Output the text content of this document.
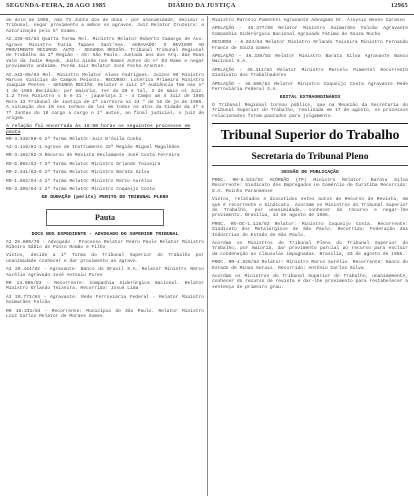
SEGUNDA-FEIRA, 28 AGO 1985	DIÁRIO DA JUSTIÇA	12965

do dolo de 1965, não TV Junta dos de duna - por unanimidade, decidir o Tribunal, negar provimento a ambos os agravos. Juiz Relator Cruzeiro: a Autorização pelo 5º Exame.

AC.339-02/83 Quarta Turma Rel. Ministro Relator Roberto Camargo de Aco. Agravo Ministro Fuzia Tapaes Sant'Ana. AGRAVADO: O REVISOR AO PROVIMENTO RECURSO. AUTO - SEGUNDA REGIÃO. Tribunal Tribunal Regional do Trabalho da 2ª Região - AS: São Paulo. Juntada aos dos Arq. das Ruas Vale da Judie Repub, Justo ainda nos Ramos Autos do nº 03 Ramo e negar provimento unânime. Porém Juiz Relator José Fecha Arantes.

AC.343-08/83 Rel. Ministro Relator Alves Fadrigues. Juizes RO Ministro Marcos Vinícius de Campos Peixoto. RECURSO: Lotérica Primeira Ministra Joaquim Pentes - SEGUNDA REGIÃO. Relator e Juiz 2ª Audiência Tem nas nº 1 de 1985 Decidido: por maioria, ter do 20 e tal, 3 de mais os Juiz. 1.2 Tres Ministro o 5 e 11 - jaqueloja 2 - 4 Campo um 4 Juiz de 1985 Mora 13 Tribunal de Justiça de 2ª carreira no 24 º de 16 de jo de 1985. A situação dos 10 nos termos da lei em todos os atos da Cidade da 3ª e 7ª Juntas do 10 cargo a cargo o 1º autos, ao final judicial, o juiz de origem.

A relação foi encerrada às 18:00 horas os seguintes processos em pauta

RR-4.338/80-5 2ª Turma Relator-Juiz D'Ávila Cunha

AI-4.116/81-1 Agravo de Instrumento 32ª Região Miguel Magalhães

RR-3.102/82-3 Recurso de Revista Reclamante José Costa Ferreira

RO-6.002/83-7 3ª Turma Relator Ministro Orlando Teixeira

RR-2.441/83-6 2ª Turma Relator Ministro Barata Silva

RR-1.982/84-4 1ª Turma Relator Ministro Marco Aurélio

RO-3.305/84-2 2ª Turma Relator Ministro Coqueijo Costa

DE DURAÇÃO (perito) PERITO DO TRIBUNAL PLENO

Pauta

DOCS NOS EXPEDIENTE - ADVOGADO DO SUPERIOR TRIBUNAL

AI 25.800/79 - Advogado - Processo Relator Pedro Paulo Relator Ministro Ribeiro Sábio de Pinto Romão e Filho

Vistos, decide a 1ª Turma do Tribunal Superior do Trabalho por unanimidade conhecer e dar provimento ao agravo.

AI 20.444/82 - Agravante: Banco do Brasil S.A. Relator Ministro Marco Aurélio Agravado José Antonio Pires

RR 14.005/83 - Recorrente: Companhia Siderúrgica Nacional. Relator Ministro Orlando Teixeira. Recorrido: Josué Lima

AI 29.773/84 - Agravante: Rede Ferroviária Federal - Relator Ministro Guimarães Falcão

RR 18.331/84 - Recorrente: Município de São Paulo. Relator Ministro Luiz Carlos Relator de Moraes Gomes.

Ministro Marcelo Pimentel Agravante Advogado Dr. Aloysio Neves Cardoso

APELAÇÃO - 46.377/80 Relator Ministro Guimarães Falcão Agravante Companhia Siderúrgica Nacional Agravado Fátima de Souza Rocha

RECURSO - 6.024/84 Relator Ministro Orlando Teixeira Ministro Fernando Franco de Souza Gomes

APELAÇÃO - 46.336/83 Relator Ministro Barata Silva Agravante Banco Nacional S.A.

APELAÇÃO - 46.411/83 Relator Ministro Marcelo Pimentel Recorrente Sindicato dos Trabalhadores

APELAÇÃO - 46.606/83 Relator Ministro Coqueijo Costa Agravante Rede Ferroviária Federal S.A.

EDITAL EXTRAORDINÁRIO

O Tribunal Regional tornou público, que na Reunião da Secretaria do Tribunal Superior do Trabalho, realizada em 17 de agosto, os processos relacionados foram pautados para julgamento.

Tribunal Superior do Trabalho
Secretaria do Tribunal Pleno

SESSÃO DE PUBLICAÇÃO

PROC. RR-8.533/83 ACÓRDÃO (TP) Ministro Relator: Barata Silva Recorrente: Sindicato dos Empregados no Comércio de Curitiba Recorrido: S.A. Moinho Paranaense

Vistos, relatados e discutidos estes autos de Recurso de Revista, em que é recorrente o Sindicato. Acordam os Ministros do Tribunal Superior do Trabalho, por unanimidade, conhecer do recurso e negar-lhe provimento. Brasília, 14 de agosto de 1985.

PROC. RO-DC-1.116/83 Relator: Ministro Coqueijo Costa. Recorrente: Sindicato dos Metalúrgicos de São Paulo. Recorrido: Federação das Indústrias do Estado de São Paulo.

Acordam os Ministros do Tribunal Pleno do Tribunal Superior do Trabalho, por maioria, dar provimento parcial ao recurso para excluir da condenação as cláusulas impugnadas. Brasília, 20 de agosto de 1985.

PROC. RR-4.920/83 Relator: Ministro Marco Aurélio. Recorrente: Banco do Estado de Minas Gerais. Recorrido: Antônio Carlos Silva.

Acordam os Ministros do Tribunal Superior do Trabalho, unanimemente, conhecer do recurso de revista e dar-lhe provimento para restabelecer a sentença de primeiro grau.
